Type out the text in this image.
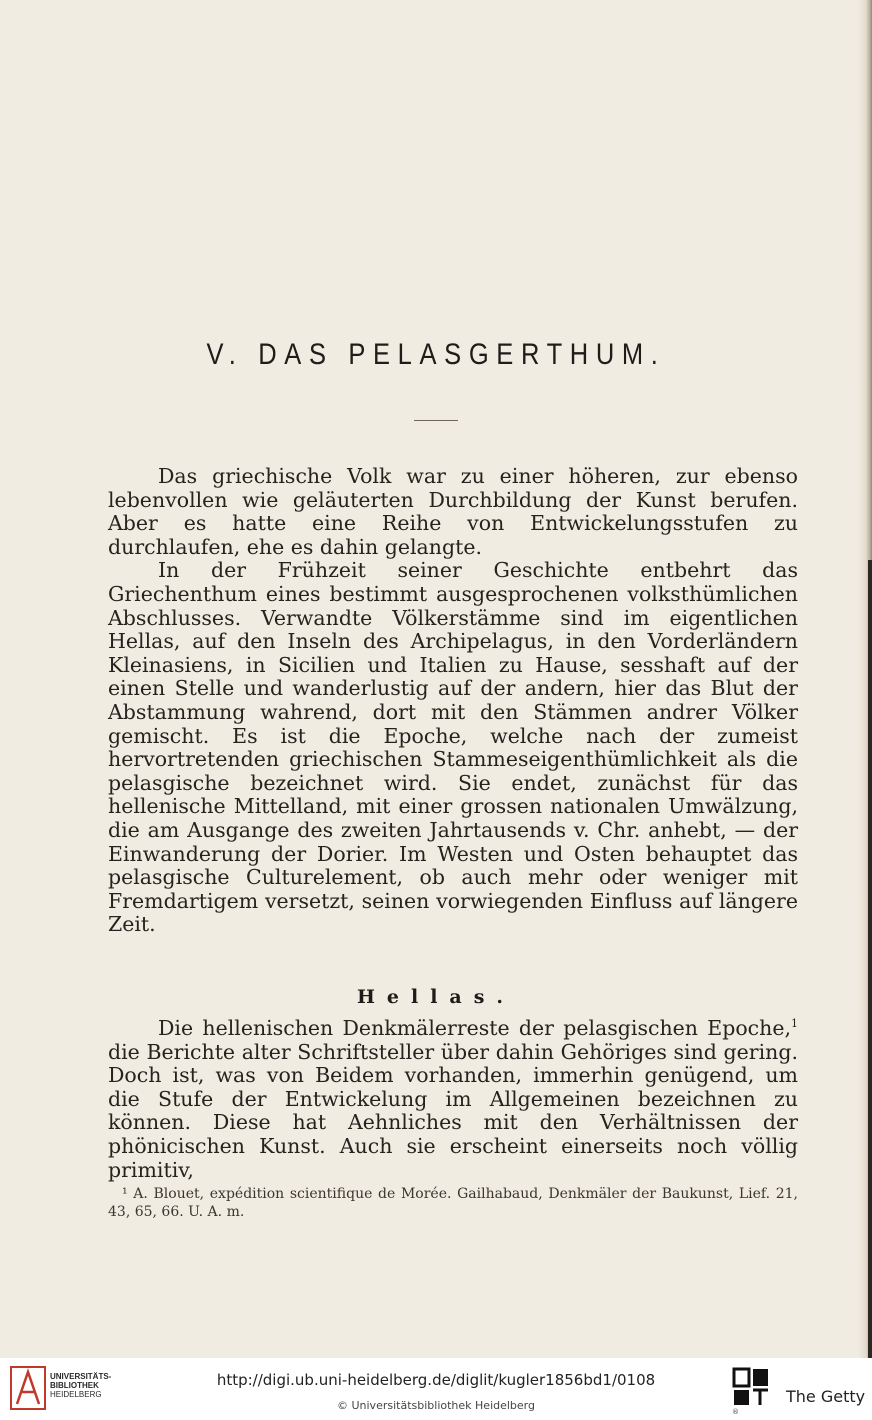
V. DAS PELASGERTHUM.

Das griechische Volk war zu einer höheren, zur ebenso lebenvollen wie geläuterten Durchbildung der Kunst berufen. Aber es hatte eine Reihe von Entwickelungsstufen zu durchlaufen, ehe es dahin gelangte.

In der Frühzeit seiner Geschichte entbehrt das Griechenthum eines bestimmt ausgesprochenen volksthümlichen Abschlusses. Verwandte Völkerstämme sind im eigentlichen Hellas, auf den Inseln des Archipelagus, in den Vorderländern Kleinasiens, in Sicilien und Italien zu Hause, sesshaft auf der einen Stelle und wanderlustig auf der andern, hier das Blut der Abstammung wahrend, dort mit den Stämmen andrer Völker gemischt. Es ist die Epoche, welche nach der zumeist hervortretenden griechischen Stammeseigenthümlichkeit als die pelasgische bezeichnet wird. Sie endet, zunächst für das hellenische Mittelland, mit einer grossen nationalen Umwälzung, die am Ausgange des zweiten Jahrtausends v. Chr. anhebt, — der Einwanderung der Dorier. Im Westen und Osten behauptet das pelasgische Culturelement, ob auch mehr oder weniger mit Fremdartigem versetzt, seinen vorwiegenden Einfluss auf längere Zeit.

Hellas.

Die hellenischen Denkmälerreste der pelasgischen Epoche,$^1$ die Berichte alter Schriftsteller über dahin Gehöriges sind gering. Doch ist, was von Beidem vorhanden, immerhin genügend, um die Stufe der Entwickelung im Allgemeinen bezeichnen zu können. Diese hat Aehnliches mit den Verhältnissen der phönicischen Kunst. Auch sie erscheint einerseits noch völlig primitiv,

¹ A. Blouet, expédition scientifique de Morée. Gailhabaud, Denkmäler der Baukunst, Lief. 21, 43, 65, 66. U. A. m.
UNIVERSITÄTS-
BIBLIOTHEK
HEIDELBERG
http://digi.ub.uni-heidelberg.de/diglit/kugler1856bd1/0108
© Universitätsbibliothek Heidelberg	®
The Getty
